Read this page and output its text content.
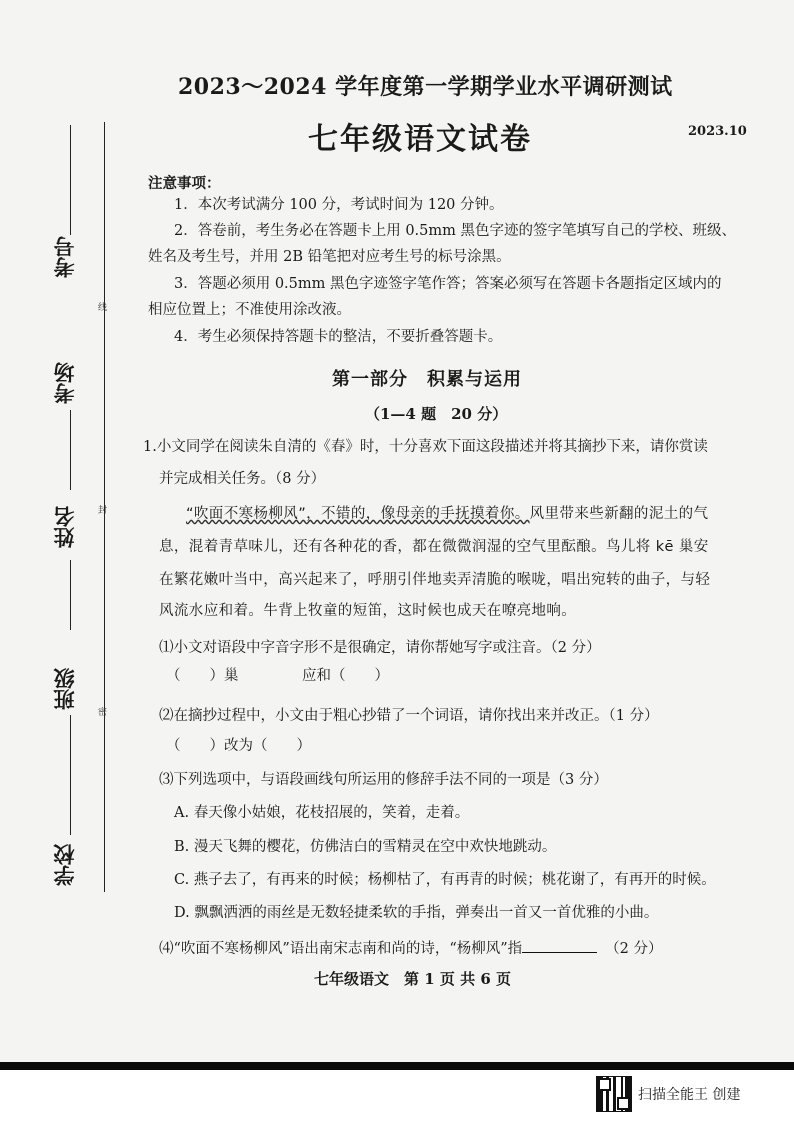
考号
考场
姓名
班级
学校
线
封
密
2023～2024 学年度第一学期学业水平调研测试
七年级语文试卷	2023.10
注意事项：
1．本次考试满分 100 分，考试时间为 120 分钟。
2．答卷前，考生务必在答题卡上用 0.5mm 黑色字迹的签字笔填写自己的学校、班级、
姓名及考生号，并用 2B 铅笔把对应考生号的标号涂黑。
3．答题必须用 0.5mm 黑色字迹签字笔作答；答案必须写在答题卡各题指定区域内的
相应位置上；不准使用涂改液。
4．考生必须保持答题卡的整洁，不要折叠答题卡。
第一部分　积累与运用
（1—4 题　20 分）
1.小文同学在阅读朱自清的《春》时，十分喜欢下面这段描述并将其摘抄下来，请你赏读
并完成相关任务。（8 分）
“吹面不寒杨柳风”，不错的，像母亲的手抚摸着你。风里带来些新翻的泥土的气
息，混着青草味儿，还有各种花的香，都在微微润湿的空气里酝酿。鸟儿将 kē 巢安
在繁花嫩叶当中，高兴起来了，呼朋引伴地卖弄清脆的喉咙，唱出宛转的曲子，与轻
风流水应和着。牛背上牧童的短笛，这时候也成天在嘹亮地响。
⑴小文对语段中字音字形不是很确定，请你帮她写字或注音。（2 分）
（　　）巢	应和（　　）
⑵在摘抄过程中，小文由于粗心抄错了一个词语，请你找出来并改正。（1 分）
（　　）改为（　　）
⑶下列选项中，与语段画线句所运用的修辞手法不同的一项是（3 分）
A. 春天像小姑娘，花枝招展的，笑着，走着。
B. 漫天飞舞的樱花，仿佛洁白的雪精灵在空中欢快地跳动。
C. 燕子去了，有再来的时候；杨柳枯了，有再青的时候；桃花谢了，有再开的时候。
D. 飘飘洒洒的雨丝是无数轻捷柔软的手指，弹奏出一首又一首优雅的小曲。
⑷“吹面不寒杨柳风”语出南宋志南和尚的诗，“杨柳风”指	（2 分）
七年级语文　第 1 页 共 6 页
扫描全能王 创建
